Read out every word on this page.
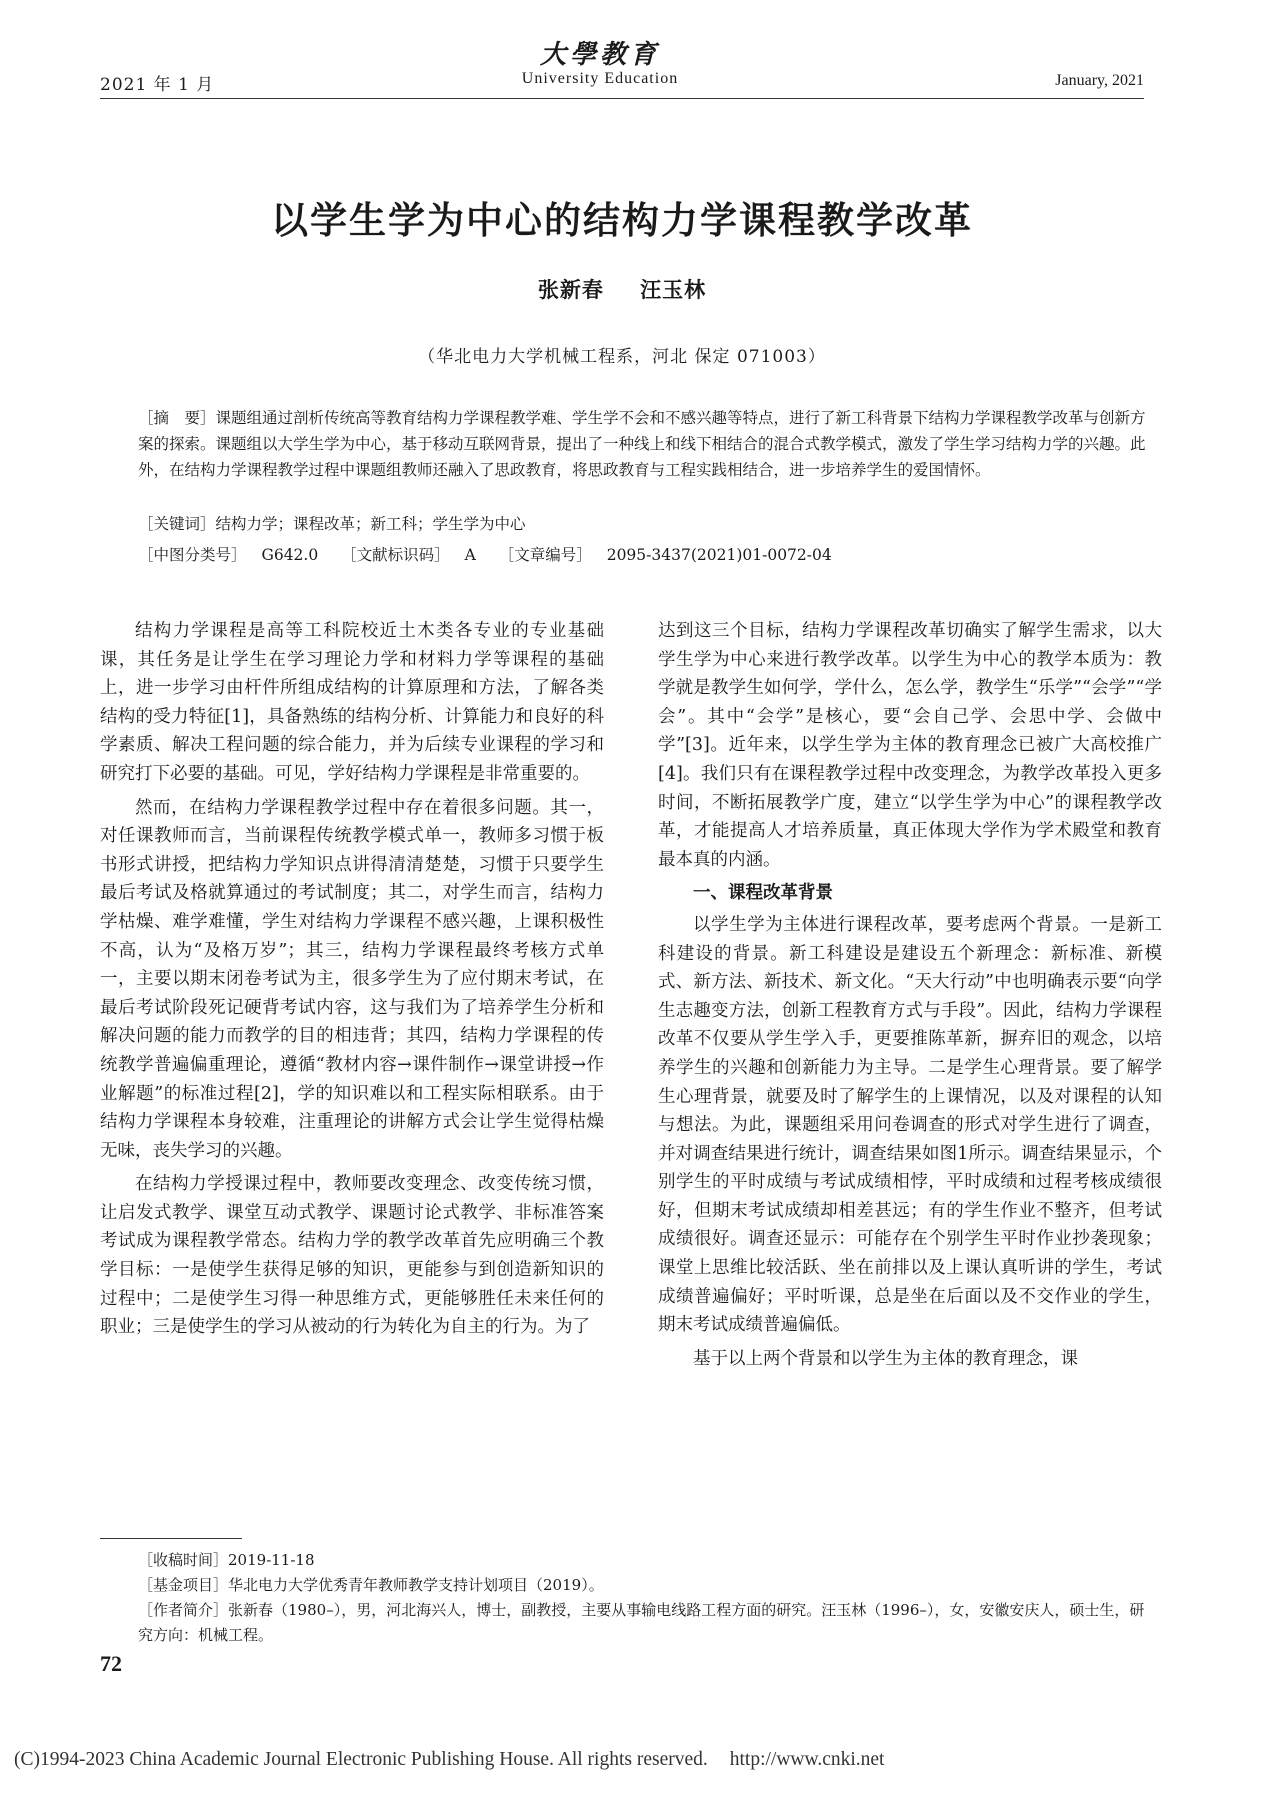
2021 年 1 月
大學教育
University Education	January, 2021
以学生学为中心的结构力学课程教学改革
张新春 汪玉林
（华北电力大学机械工程系，河北 保定 071003）
［摘　要］课题组通过剖析传统高等教育结构力学课程教学难、学生学不会和不感兴趣等特点，进行了新工科背景下结构力学课程教学改革与创新方案的探索。课题组以大学生学为中心，基于移动互联网背景，提出了一种线上和线下相结合的混合式教学模式，激发了学生学习结构力学的兴趣。此外，在结构力学课程教学过程中课题组教师还融入了思政教育，将思政教育与工程实践相结合，进一步培养学生的爱国情怀。
［关键词］结构力学；课程改革；新工科；学生学为中心
［中图分类号］ G642.0 ［文献标识码］ A ［文章编号］ 2095-3437(2021)01-0072-04

结构力学课程是高等工科院校近土木类各专业的专业基础课，其任务是让学生在学习理论力学和材料力学等课程的基础上，进一步学习由杆件所组成结构的计算原理和方法，了解各类结构的受力特征[1]，具备熟练的结构分析、计算能力和良好的科学素质、解决工程问题的综合能力，并为后续专业课程的学习和研究打下必要的基础。可见，学好结构力学课程是非常重要的。

然而，在结构力学课程教学过程中存在着很多问题。其一，对任课教师而言，当前课程传统教学模式单一，教师多习惯于板书形式讲授，把结构力学知识点讲得清清楚楚，习惯于只要学生最后考试及格就算通过的考试制度；其二，对学生而言，结构力学枯燥、难学难懂，学生对结构力学课程不感兴趣，上课积极性不高，认为“及格万岁”；其三，结构力学课程最终考核方式单一，主要以期末闭卷考试为主，很多学生为了应付期末考试，在最后考试阶段死记硬背考试内容，这与我们为了培养学生分析和解决问题的能力而教学的目的相违背；其四，结构力学课程的传统教学普遍偏重理论，遵循“教材内容→课件制作→课堂讲授→作业解题”的标准过程[2]，学的知识难以和工程实际相联系。由于结构力学课程本身较难，注重理论的讲解方式会让学生觉得枯燥无味，丧失学习的兴趣。

在结构力学授课过程中，教师要改变理念、改变传统习惯，让启发式教学、课堂互动式教学、课题讨论式教学、非标准答案考试成为课程教学常态。结构力学的教学改革首先应明确三个教学目标：一是使学生获得足够的知识，更能参与到创造新知识的过程中；二是使学生习得一种思维方式，更能够胜任未来任何的职业；三是使学生的学习从被动的行为转化为自主的行为。为了

达到这三个目标，结构力学课程改革切确实了解学生需求，以大学生学为中心来进行教学改革。以学生为中心的教学本质为：教学就是教学生如何学，学什么，怎么学，教学生“乐学”“会学”“学会”。其中“会学”是核心，要“会自己学、会思中学、会做中学”[3]。近年来，以学生学为主体的教育理念已被广大高校推广[4]。我们只有在课程教学过程中改变理念，为教学改革投入更多时间，不断拓展教学广度，建立“以学生学为中心”的课程教学改革，才能提高人才培养质量，真正体现大学作为学术殿堂和教育最本真的内涵。

一、课程改革背景

以学生学为主体进行课程改革，要考虑两个背景。一是新工科建设的背景。新工科建设是建设五个新理念：新标准、新模式、新方法、新技术、新文化。“天大行动”中也明确表示要“向学生志趣变方法，创新工程教育方式与手段”。因此，结构力学课程改革不仅要从学生学入手，更要推陈革新，摒弃旧的观念，以培养学生的兴趣和创新能力为主导。二是学生心理背景。要了解学生心理背景，就要及时了解学生的上课情况，以及对课程的认知与想法。为此，课题组采用问卷调查的形式对学生进行了调查，并对调查结果进行统计，调查结果如图1所示。调查结果显示，个别学生的平时成绩与考试成绩相悖，平时成绩和过程考核成绩很好，但期末考试成绩却相差甚远；有的学生作业不整齐，但考试成绩很好。调查还显示：可能存在个别学生平时作业抄袭现象；课堂上思维比较活跃、坐在前排以及上课认真听讲的学生，考试成绩普遍偏好；平时听课，总是坐在后面以及不交作业的学生，期末考试成绩普遍偏低。

基于以上两个背景和以学生为主体的教育理念，课

［收稿时间］2019-11-18
［基金项目］华北电力大学优秀青年教师教学支持计划项目（2019）。
［作者简介］张新春（1980–），男，河北海兴人，博士，副教授，主要从事输电线路工程方面的研究。汪玉林（1996–），女，安徽安庆人，硕士生，研究方向：机械工程。
72
(C)1994-2023 China Academic Journal Electronic Publishing House. All rights reserved. http://www.cnki.net
